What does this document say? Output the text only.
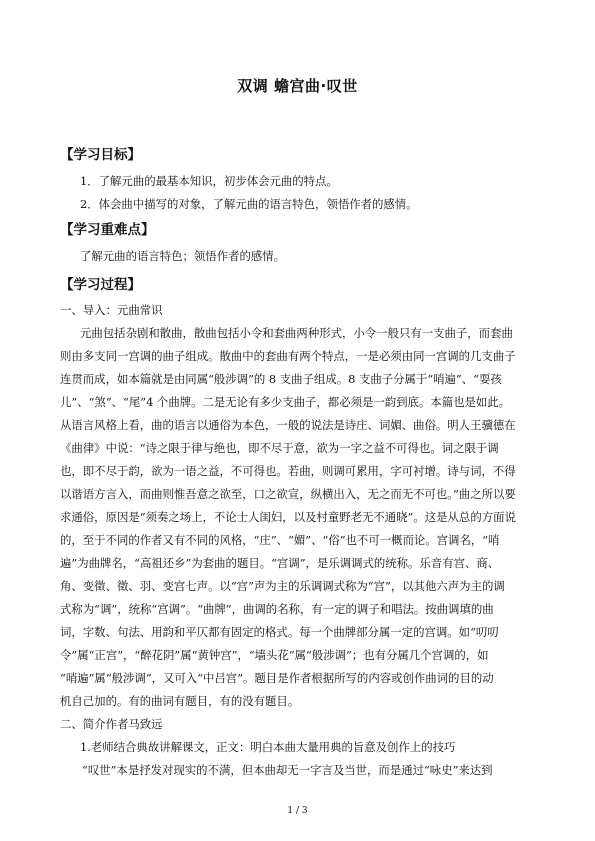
双调 蟾宫曲·叹世
【学习目标】
1．了解元曲的最基本知识，初步体会元曲的特点。
2．体会曲中描写的对象，了解元曲的语言特色，领悟作者的感情。
【学习重难点】
了解元曲的语言特色；领悟作者的感情。
【学习过程】
一、导入：元曲常识
元曲包括杂剧和散曲，散曲包括小令和套曲两种形式，小令一般只有一支曲子，而套曲
则由多支同一宫调的曲子组成。散曲中的套曲有两个特点，一是必须由同一宫调的几支曲子
连贯而成，如本篇就是由同属“般涉调”的 8 支曲子组成。8 支曲子分属于“哨遍”、“耍孩
儿”、“煞”、“尾”4 个曲牌。二是无论有多少支曲子，都必须是一韵到底。本篇也是如此。
从语言风格上看，曲的语言以通俗为本色，一般的说法是诗庄、词媚、曲俗。明人王骥德在
《曲律》中说：“诗之限于律与绝也，即不尽于意，欲为一字之益不可得也。词之限于调
也，即不尽于韵，欲为一语之益，不可得也。若曲，则调可累用，字可衬增。诗与词，不得
以谐语方言入，而曲则惟吾意之欲至，口之欲宣，纵横出入，无之而无不可也。”曲之所以要
求通俗，原因是“须奏之场上，不论士人闺妇，以及村童野老无不通晓”。这是从总的方面说
的，至于不同的作者又有不同的风格，“庄”、“媚”、“俗”也不可一概而论。宫调名，“哨
遍”为曲牌名，“高祖还乡”为套曲的题目。“宫调”，是乐调调式的统称。乐音有宫、商、
角、变徵、徵、羽、变宫七声。以“宫”声为主的乐调调式称为“宫”，以其他六声为主的调
式称为“调”，统称“宫调”。“曲牌”，曲调的名称，有一定的调子和唱法。按曲调填的曲
词，字数、句法、用韵和平仄都有固定的格式。每一个曲牌部分属一定的宫调。如“叨叨
令”属“正宫”，“醉花阴”属“黄钟宫”，“墙头花”属“般涉调”；也有分属几个宫调的，如
“哨遍”属“般涉调”，又可入“中吕宫”。题目是作者根据所写的内容或创作曲词的目的动
机自己加的。有的曲词有题目，有的没有题目。
二、简介作者马致远
1.老师结合典故讲解课文，正文：明白本曲大量用典的旨意及创作上的技巧
“叹世”本是抒发对现实的不满，但本曲却无一字言及当世，而是通过“咏史”来达到
1 / 3
